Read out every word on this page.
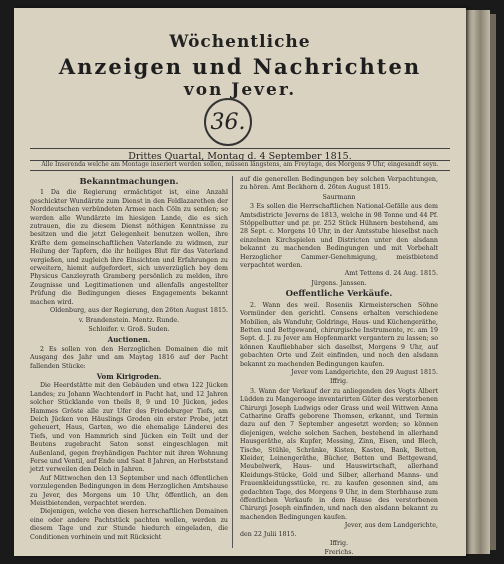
Wöchentliche
Anzeigen und Nachrichten
von Jever.
36.
Drittes Quartal, Montag d. 4 September 1815.
Alle Inserenda welche am Montage inseriert werden sollen, müssen längstens, am Freytage, des Morgens 9 Uhr, eingesandt seyn.

Bekanntmachungen.

1 Da die Regierung ermächtiget ist, eine Anzahl geschickter Wundärzte zum Dienst in den Feldlazarethen der Norddeutschen verbündeten Armee nach Cöln zu senden; so werden alle Wundärzte im hiesigen Lande, die es sich zutrauen, die zu diesem Dienst nöthigen Kenntnisse zu besitzen und die jetzt Gelegenheit benutzen wollen, ihre Kräfte dem gemeinschaftlichen Vaterlande zu widmen, zur Heilung der Tapfern, die ihr heiliges Blut für das Vaterland vergießen, und zugleich ihre Einsichten und Erfahrungen zu erweitern, hiemit aufgefordert, sich unverzüglich bey dem Physicus Canzleyrath Gramberg persönlich zu melden, ihre Zeugnisse und Legitimationen und allenfalls angestellter Prüfung die Bedingungen dieses Engagements bekannt machen wird.

Oldenburg, aus der Regierung, den 26ten August 1815.

v. Brandenstein. Mentz. Runde.

Schloifer. v. Groß. Suden.

Auctionen.

2 Es sollen von den Herzoglichen Domainen die mit Ausgang des Jahr und am Maytag 1816 auf der Pacht fallenden Stücke:

Vom Kirigroden.

Die Heerdstätte mit den Gebäuden und etwa 122 Jücken Landes; zu Johann Wachtendorf in Pacht hat, und 12 Jahren solcher Stücklande von theils 8, 9 und 10 Jücken, jedes Hammes Gröste alle zur Ufer des Friedeburger Tiefs, am Deich Jücken von Häuslings Groden ein erster Probe, jetzt geheuert, Haus, Garten, wo die ehemalige Länderei des Tiefs, und von Hammrich sind Jücken ein Teilt und der Beutens zugebracht Saton sonst eingeschlagen mit Außenland, gegen freyhändigen Pachter mit ihren Wohnung Ferse und Ventil, auf Ende und Saat 8 Jahren, an Herbststand jetzt verweilen den Deich in Jahren.

Auf Mittwochen den 13 September und nach öffentlichen vorzulegenden Bedingungen in dem Herzoglichen Amtshause zu Jever, des Morgens um 10 Uhr, öffentlich, an den Meistbietenden, verpachtet werden.

Diejenigen, welche von diesen herrschaftlichen Domainen eine oder andere Pachtstück pachten wollen, werden zu diesem Tage und zur Stunde hiedurch eingeladen, die Conditionen vorhinein und mit Rücksicht

auf die generellen Bedingungen bey solchen Verpachtungen, zu hören. Amt Beckhorn d. 26ten August 1815.

Saurmann

3 Es sollen die Herrschaftlichen National-Gefälle aus dem Amtsdistricte Jeverns de 1813, welche in 98 Tonne und 44 Pf. Stöppelbutter und pr. pr. 252 Stück Hühnern bestehend, am 28 Sept. c. Morgens 10 Uhr, in der Amtsstube hieselbst nach einzelnen Kirchspielen und Districten unter den alsdann bekannt zu machenden Bedingungen und mit Vorbehalt Herzoglicher Cammer-Genehmigung, meistbietend verpachtet werden.

Amt Tettens d. 24 Aug. 1815.

Jürgens. Janssen.

Oeffentliche Verkäufe.

2. Wann des weil. Roseniis Kirmeisterschen Söhne Vormünder den gerichtl. Consens erhalten verschiedene Mobilien, als Wanduhr, Goldringe, Haus- und Küchengeräthe, Betten und Bettgewand, chirurgische Instrumente, rc. am 19 Sept. d. J. zu Jever am Hopfenmarkt vergantern zu lassen; so können Kaufliebhaber sich daselbst, Morgens 9 Uhr, auf gebachten Orte und Zeit einfinden, und noch den alsdann bekannt zu machenden Bedingungen kaufen.

Jever vom Landgerichte, den 29 August 1815.

Iffrig.

3. Wann der Verkauf der zu anliegenden des Vogts Albert Lüdden zu Mangerooge inventarirten Güter des verstorbenen Chirurgi Joseph Ludwigs oder Grass und weil Wittwen Anna Catharine Graffs geborene Thomsen, erkannt, und Termin dazu auf den 7 September angesetzt worden; so können diejenigen, welche solchen Sachen, bestehend in allerhand Hausgeräthe, als Kupfer, Messing, Zinn, Eisen, und Blech, Tische, Stühle, Schränke, Kisten, Kasten, Bank, Betten, Kleider, Leinengeräthe, Bücher, Betten und Bettgewand, Meubelwerk, Haus- und Hauswirtschaft, allerhand Kleidungs-Stücke, Gold und Silber, allerhand Manns- und Frauenkleidungsstücke, rc. zu kaufen gesonnen sind, am gedachten Tage, des Morgens 9 Uhr, in dem Sterbhause zum öffentlichen Verkaufe in dem Hause des verstorbenen Chirurgi Joseph einfinden, und nach den alsdann bekannt zu machenden Bedingungen kaufen.

Jever, aus dem Landgerichte,

den 22 Julii 1815.

Iffrig.

Frerichs.
